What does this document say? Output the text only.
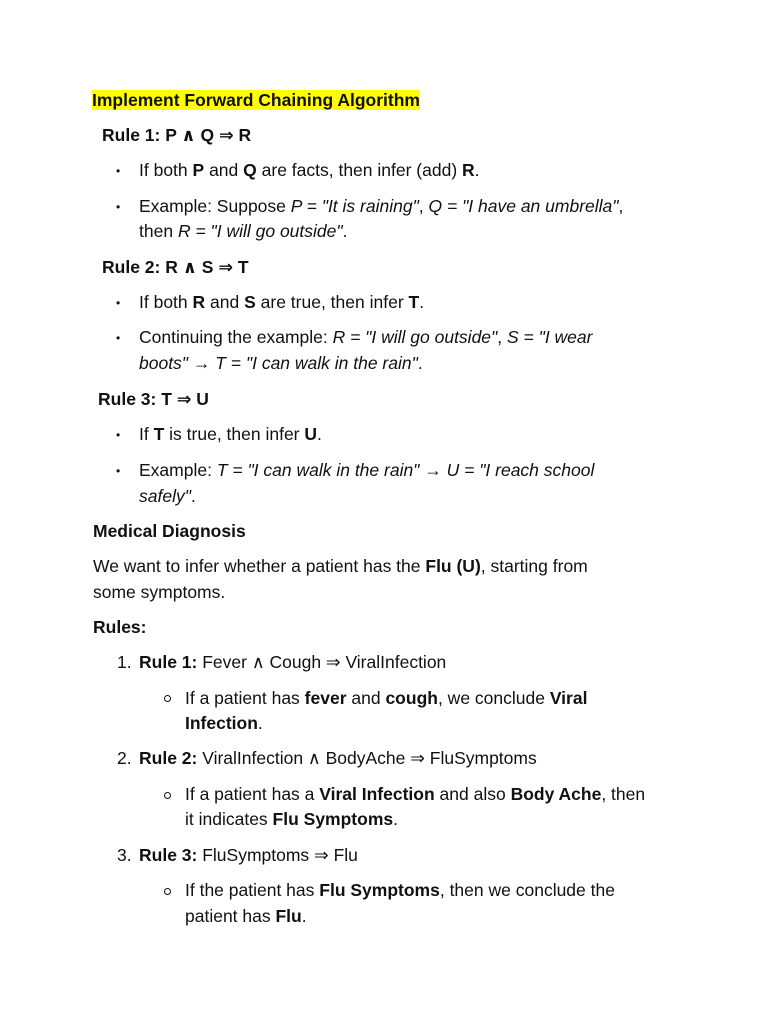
Implement Forward Chaining Algorithm
Rule 1: P ∧ Q ⇒ R
• If both P and Q are facts, then infer (add) R.
• Example: Suppose P = "It is raining", Q = "I have an umbrella",
then R = "I will go outside".
Rule 2: R ∧ S ⇒ T
• If both R and S are true, then infer T.
• Continuing the example: R = "I will go outside", S = "I wear
boots" → T = "I can walk in the rain".
Rule 3: T ⇒ U
• If T is true, then infer U.
• Example: T = "I can walk in the rain" → U = "I reach school
safely".
Medical Diagnosis
We want to infer whether a patient has the Flu (U), starting from
some symptoms.
Rules:
1. Rule 1: Fever ∧ Cough ⇒ ViralInfection
If a patient has fever and cough, we conclude Viral
Infection.
2. Rule 2: ViralInfection ∧ BodyAche ⇒ FluSymptoms
If a patient has a Viral Infection and also Body Ache, then
it indicates Flu Symptoms.
3. Rule 3: FluSymptoms ⇒ Flu
If the patient has Flu Symptoms, then we conclude the
patient has Flu.
